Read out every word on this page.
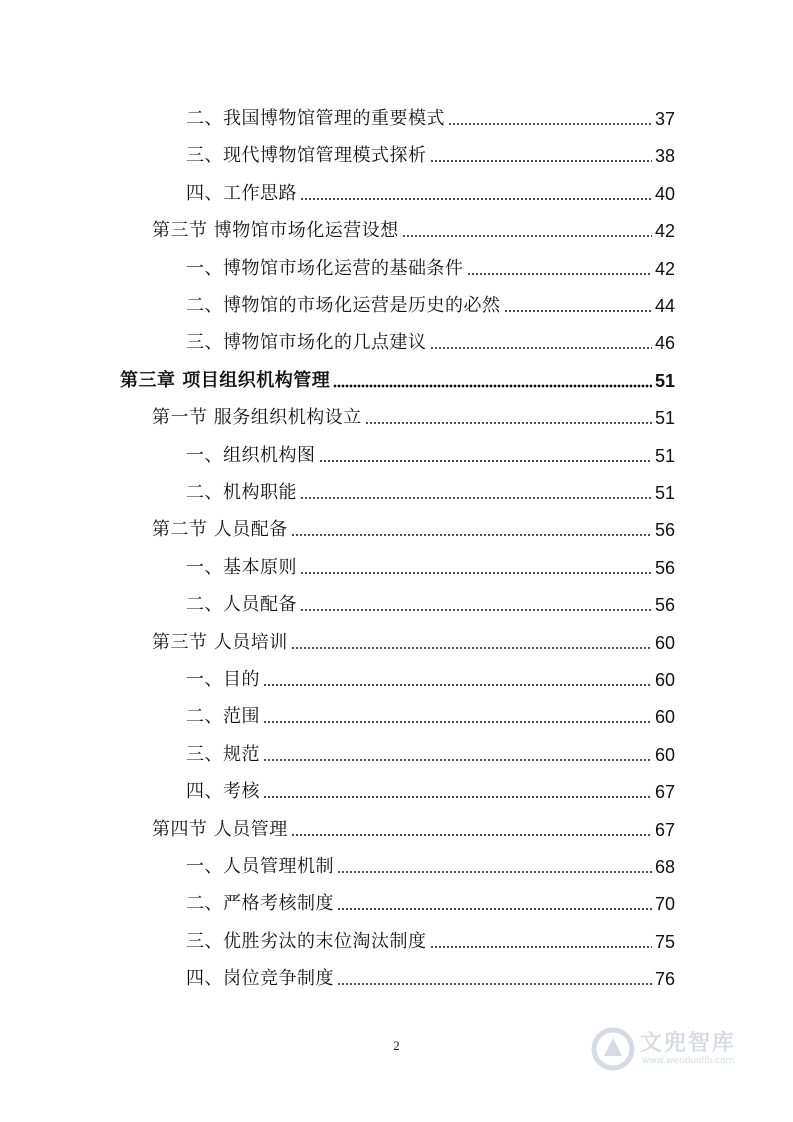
二、我国博物馆管理的重要模式	37
三、现代博物馆管理模式探析	38
四、工作思路	40
第三节 博物馆市场化运营设想	42
一、博物馆市场化运营的基础条件	42
二、博物馆的市场化运营是历史的必然	44
三、博物馆市场化的几点建议	46
第三章 项目组织机构管理	51
第一节 服务组织机构设立	51
一、组织机构图	51
二、机构职能	51
第二节 人员配备	56
一、基本原则	56
二、人员配备	56
第三节 人员培训	60
一、目的	60
二、范围	60
三、规范	60
四、考核	67
第四节 人员管理	67
一、人员管理机制	68
二、严格考核制度	70
三、优胜劣汰的末位淘汰制度	75
四、岗位竞争制度	76
2	文兜智库
www.wenduolib.com
